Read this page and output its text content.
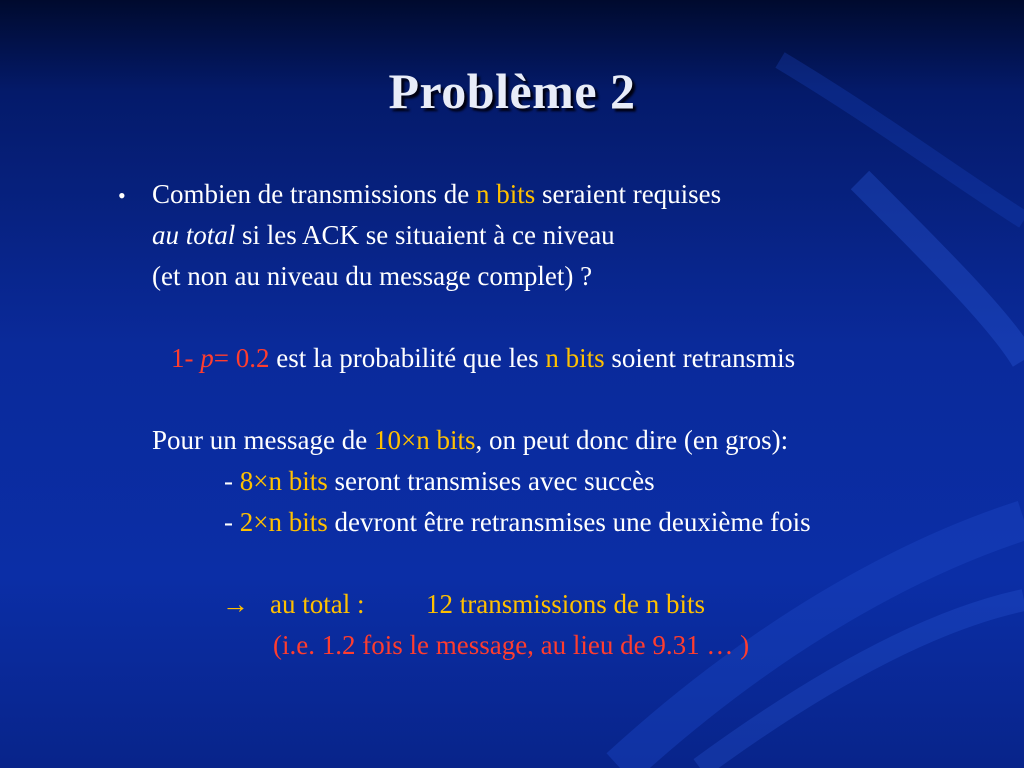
Problème 2
• Combien de transmissions de n bits seraient requises
au total si les ACK se situaient à ce niveau
(et non au niveau du message complet) ?
1- p= 0.2 est la probabilité que les n bits soient retransmis
Pour un message de 10×n bits, on peut donc dire (en gros):
- 8×n bits seront transmises avec succès
- 2×n bits devront être retransmises une deuxième fois
→ au total : 12 transmissions de n bits
(i.e. 1.2 fois le message, au lieu de 9.31 … )
